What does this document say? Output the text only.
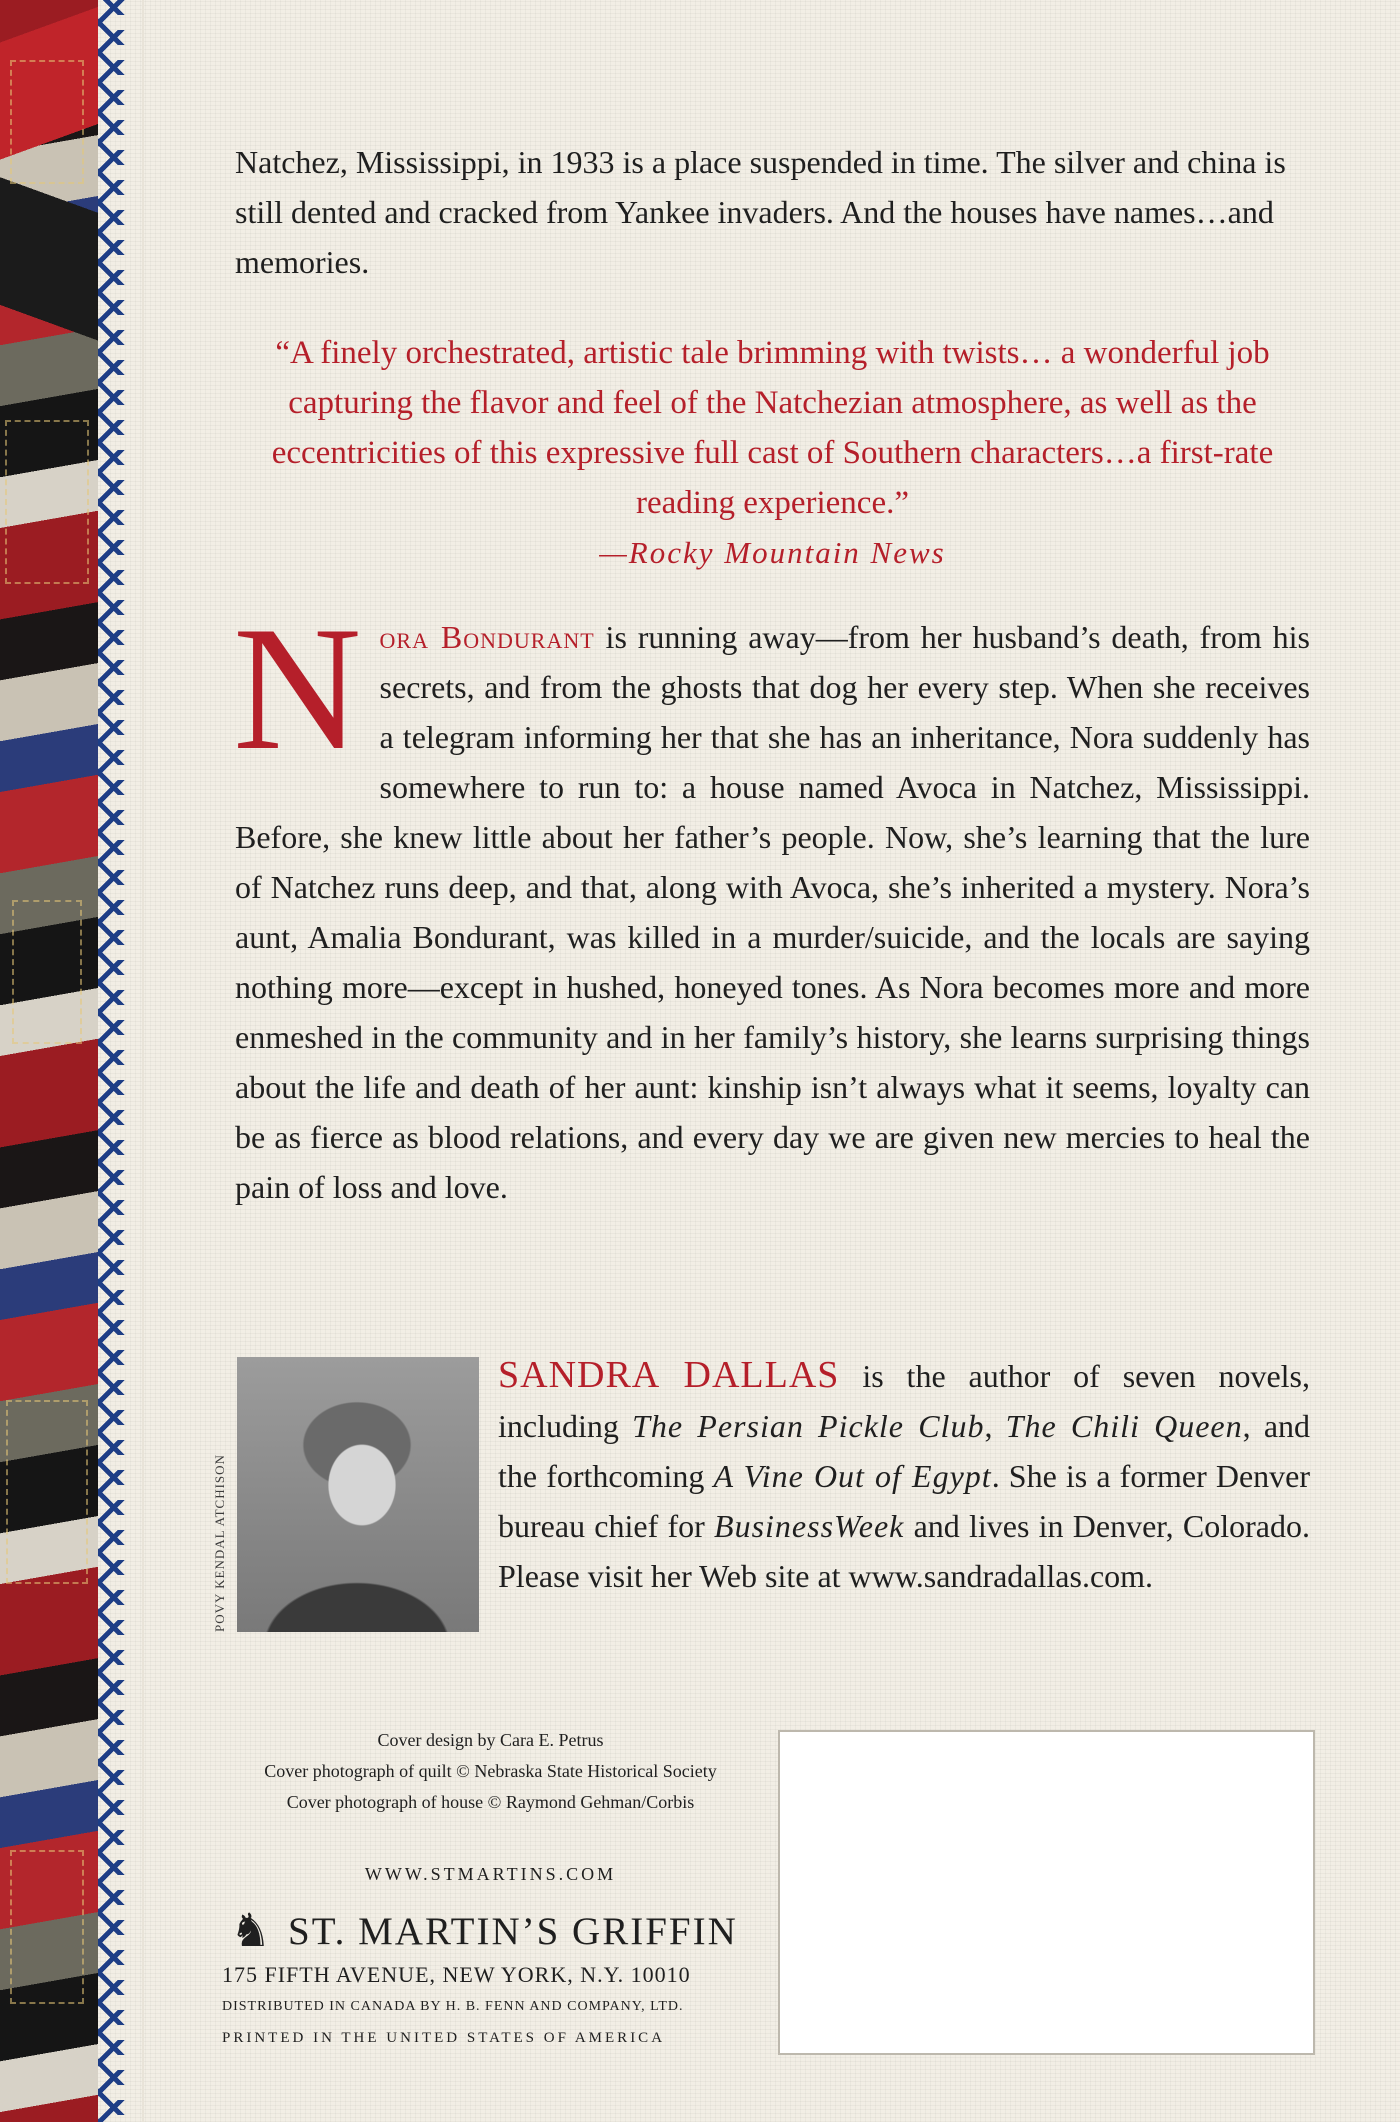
Natchez, Mississippi, in 1933 is a place suspended in time. The silver and china is still dented and cracked from Yankee invaders. And the houses have names…and memories.

“A finely orchestrated, artistic tale brimming with twists… a wonderful job capturing the flavor and feel of the Natchezian atmosphere, as well as the eccentricities of this expressive full cast of Southern characters…a first-rate reading experience.”
—Rocky Mountain News

Nora Bondurant is running away—from her husband’s death, from his secrets, and from the ghosts that dog her every step. When she receives a telegram informing her that she has an inheritance, Nora suddenly has somewhere to run to: a house named Avoca in Natchez, Mississippi. Before, she knew little about her father’s people. Now, she’s learning that the lure of Natchez runs deep, and that, along with Avoca, she’s inherited a mystery. Nora’s aunt, Amalia Bondurant, was killed in a murder/suicide, and the locals are saying nothing more—except in hushed, honeyed tones. As Nora becomes more and more enmeshed in the community and in her family’s history, she learns surprising things about the life and death of her aunt: kinship isn’t always what it seems, loyalty can be as fierce as blood relations, and every day we are given new mercies to heal the pain of loss and love.

POVY KENDAL ATCHISON

SANDRA DALLAS is the author of seven novels, including The Persian Pickle Club, The Chili Queen, and the forthcoming A Vine Out of Egypt. She is a former Denver bureau chief for BusinessWeek and lives in Denver, Colorado. Please visit her Web site at www.sandradallas.com.

Cover design by Cara E. Petrus
Cover photograph of quilt © Nebraska State Historical Society
Cover photograph of house © Raymond Gehman/Corbis

WWW.STMARTINS.COM
♞ ST. MARTIN’S GRIFFIN
175 FIFTH AVENUE, NEW YORK, N.Y. 10010
DISTRIBUTED IN CANADA BY H. B. FENN AND COMPANY, LTD.
PRINTED IN THE UNITED STATES OF AMERICA
